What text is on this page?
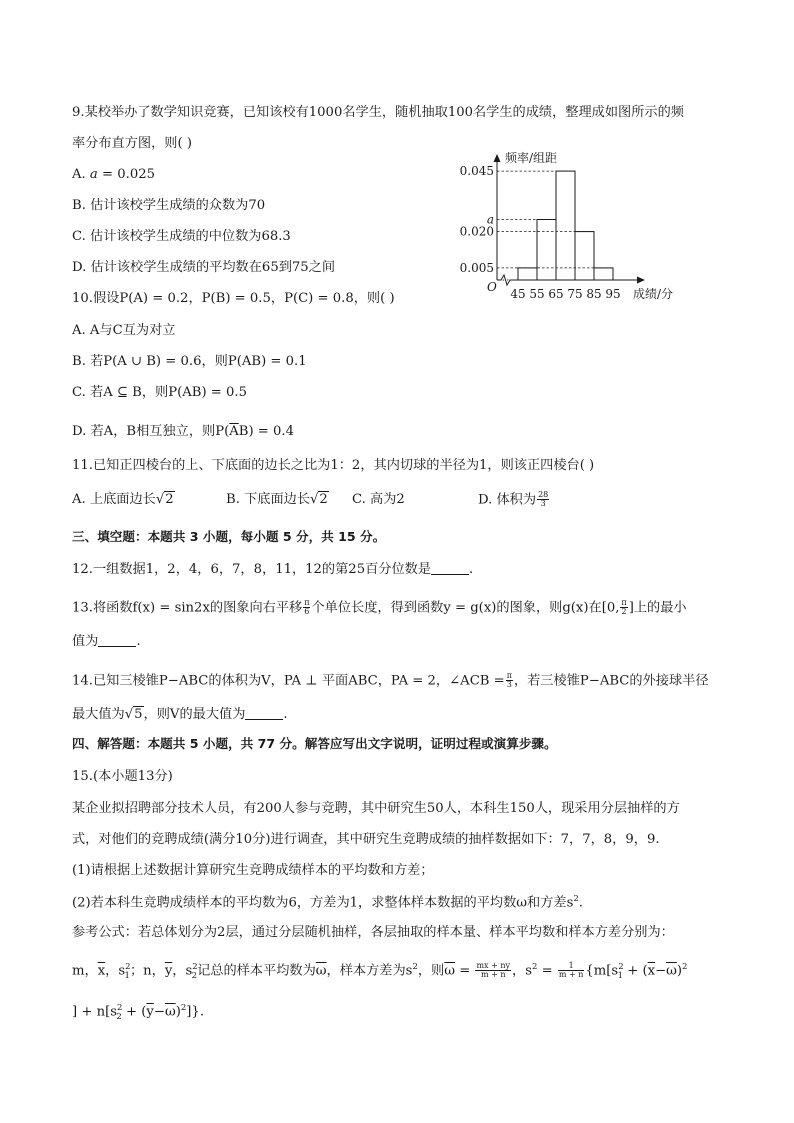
9.某校举办了数学知识竞赛，已知该校有1000名学生，随机抽取100名学生的成绩，整理成如图所示的频
率分布直方图，则( )
A. a = 0.025
B. 估计该校学生成绩的众数为70
C. 估计该校学生成绩的中位数为68.3
D. 估计该校学生成绩的平均数在65到75之间
0.045
a
0.020
0.005
45 55 65 75 85 95
频率/组距
成绩/分
O
10.假设P(A) = 0.2，P(B) = 0.5，P(C) = 0.8，则( )
A. A与C互为对立
B. 若P(A ∪ B) = 0.6，则P(AB) = 0.1
C. 若A ⊆ B，则P(AB) = 0.5
D. 若A，B相互独立，则$P(\overline{A}B) = 0.4$
11.已知正四棱台的上、下底面的边长之比为1：2，其内切球的半径为1，则该正四棱台( )
A. 上底面边长√2	B. 下底面边长√2 C. 高为2	D. 体积为 $\frac{28}{3}$
三、填空题：本题共 3 小题，每小题 5 分，共 15 分。
12.一组数据1，2，4，6，7，8，11，12的第25百分位数是	.
13.将函数f(x) = sin2x的图象向右平移 $\frac{\pi}{6}$ 个单位长度，得到函数y = g(x)的图象，则g(x)在[0, $\frac{\pi}{2}$ ]上的最小
值为	.
14.已知三棱锥P−ABC的体积为V，PA ⊥ 平面ABC，PA = 2，∠ACB = $\frac{\pi}{3}$ ，若三棱锥P−ABC的外接球半径
最大值为√5，则V的最大值为	.
四、解答题：本题共 5 小题，共 77 分。解答应写出文字说明，证明过程或演算步骤。
15.(本小题13分)
某企业拟招聘部分技术人员，有200人参与竞聘，其中研究生50人，本科生150人，现采用分层抽样的方
式，对他们的竞聘成绩(满分10分)进行调查，其中研究生竞聘成绩的抽样数据如下：7，7，8，9，9.
(1)请根据上述数据计算研究生竞聘成绩样本的平均数和方差；
(2)若本科生竞聘成绩样本的平均数为6，方差为1，求整体样本数据的平均数ω和方差$s^2$.
参考公式：若总体划分为2层，通过分层随机抽样，各层抽取的样本量、样本平均数和样本方差分别为：
m，$\overline{x}$，$s^2_1$；n，$\overline{y}$，$s^2_2$记总的样本平均数为$\overline{\omega}$，样本方差为$s^2$，则$\overline{\omega} = \frac{mx + ny}{m + n}$ ，$s^2 = \frac{1}{m + n} \{m[s^2_1 + (\overline{x}-\overline{\omega})^2$
] + $n[s^2_2 + (\overline{y}-\overline{\omega})^2]$}.
